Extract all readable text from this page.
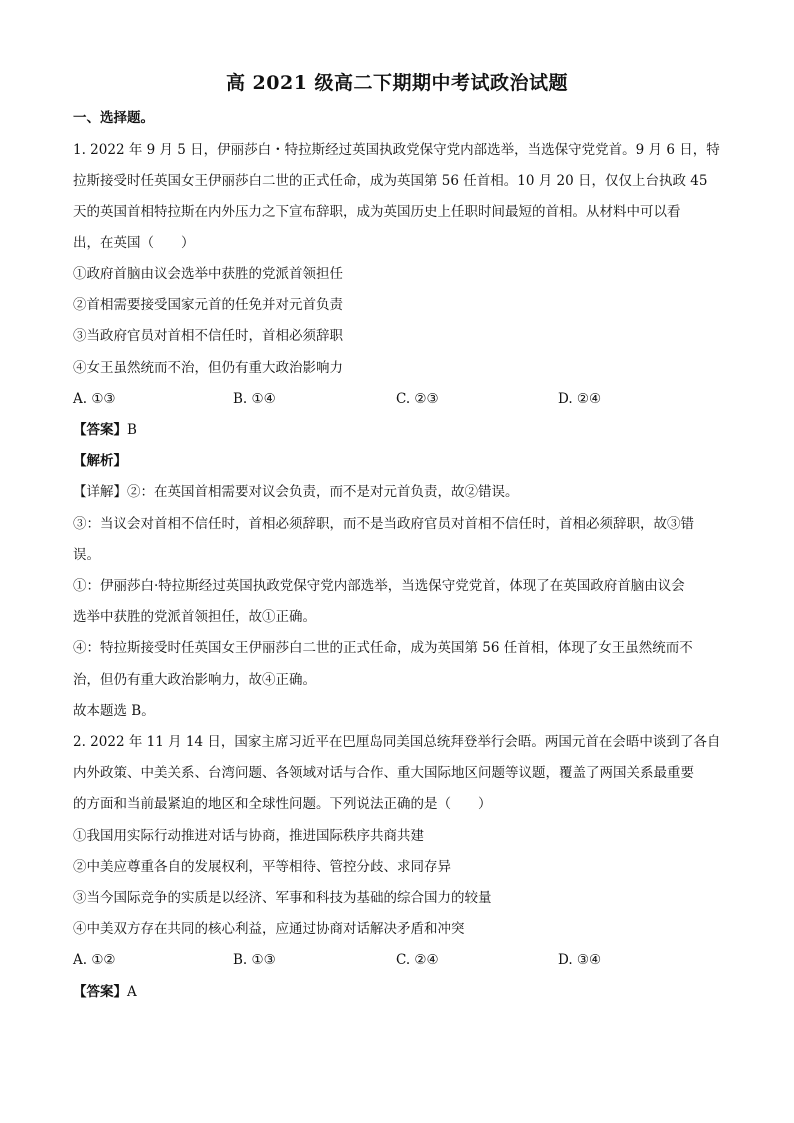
高 2021 级高二下期期中考试政治试题
一、选择题。
1. 2022 年 9 月 5 日，伊丽莎白・特拉斯经过英国执政党保守党内部选举，当选保守党党首。9 月 6 日，特
拉斯接受时任英国女王伊丽莎白二世的正式任命，成为英国第 56 任首相。10 月 20 日，仅仅上台执政 45
天的英国首相特拉斯在内外压力之下宣布辞职，成为英国历史上任职时间最短的首相。从材料中可以看
出，在英国（　　）
①政府首脑由议会选举中获胜的党派首领担任
②首相需要接受国家元首的任免并对元首负责
③当政府官员对首相不信任时，首相必须辞职
④女王虽然统而不治，但仍有重大政治影响力
A. ①③	B. ①④	C. ②③	D. ②④
【答案】B
【解析】
【详解】②：在英国首相需要对议会负责，而不是对元首负责，故②错误。
③：当议会对首相不信任时，首相必须辞职，而不是当政府官员对首相不信任时，首相必须辞职，故③错
误。
①：伊丽莎白·特拉斯经过英国执政党保守党内部选举，当选保守党党首，体现了在英国政府首脑由议会
选举中获胜的党派首领担任，故①正确。
④：特拉斯接受时任英国女王伊丽莎白二世的正式任命，成为英国第 56 任首相，体现了女王虽然统而不
治，但仍有重大政治影响力，故④正确。
故本题选 B。
2. 2022 年 11 月 14 日，国家主席习近平在巴厘岛同美国总统拜登举行会晤。两国元首在会晤中谈到了各自
内外政策、中美关系、台湾问题、各领域对话与合作、重大国际地区问题等议题，覆盖了两国关系最重要
的方面和当前最紧迫的地区和全球性问题。下列说法正确的是（　　）
①我国用实际行动推进对话与协商，推进国际秩序共商共建
②中美应尊重各自的发展权利，平等相待、管控分歧、求同存异
③当今国际竞争的实质是以经济、军事和科技为基础的综合国力的较量
④中美双方存在共同的核心利益，应通过协商对话解决矛盾和冲突
A. ①②	B. ①③	C. ②④	D. ③④
【答案】A
